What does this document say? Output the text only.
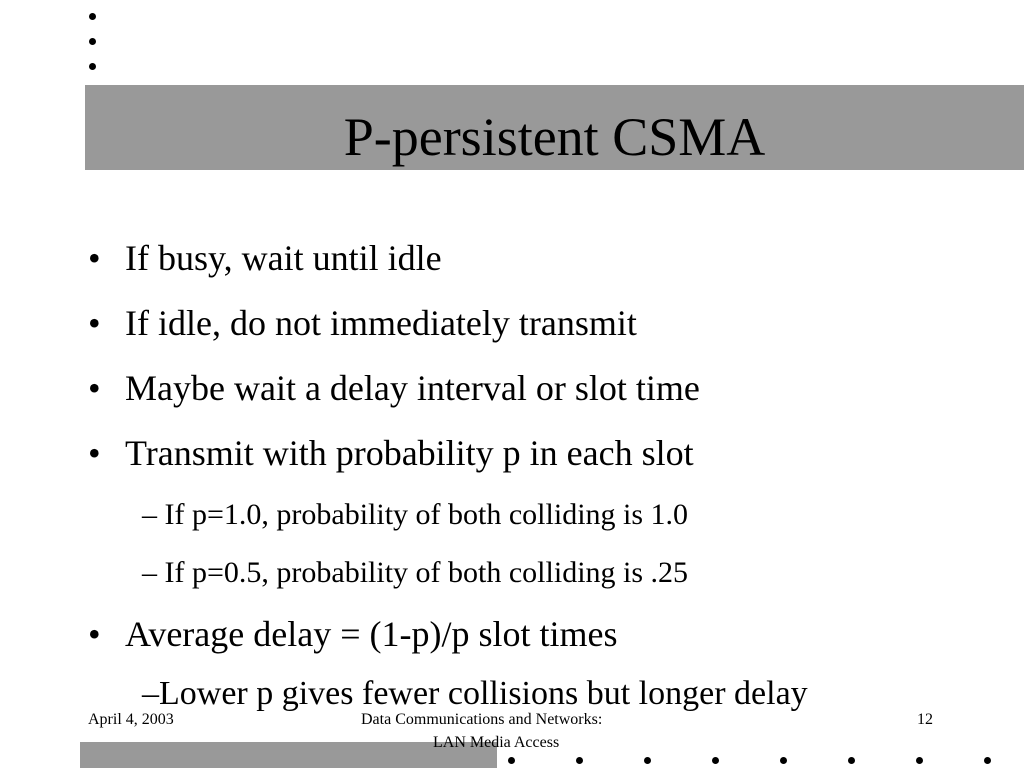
P-persistent CSMA
• If busy, wait until idle
• If idle, do not immediately transmit
• Maybe wait a delay interval or slot time
• Transmit with probability p in each slot
– If p=1.0, probability of both colliding is 1.0
– If p=0.5, probability of both colliding is .25
• Average delay = (1-p)/p slot times
–Lower p gives fewer collisions but longer delay
April 4, 2003	Data Communications and Networks:
LAN Media Access
12
